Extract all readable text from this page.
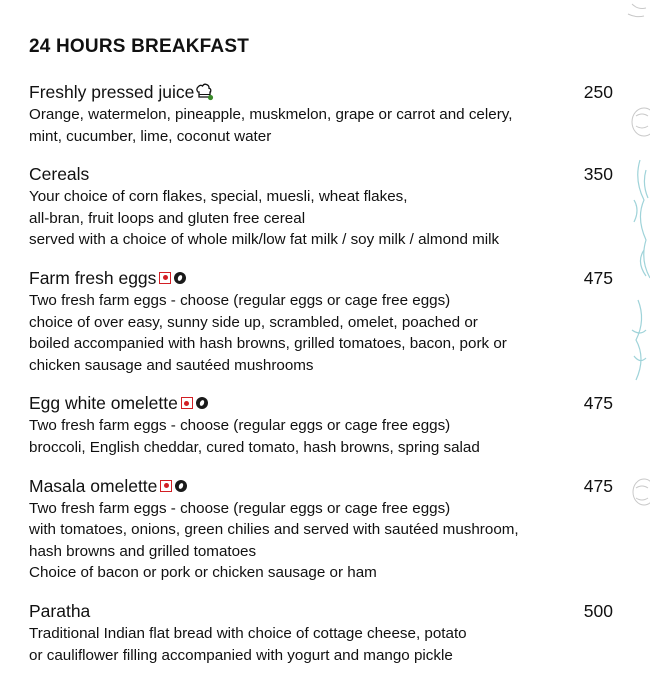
24 HOURS BREAKFAST
Freshly pressed juice	250
Orange, watermelon, pineapple, muskmelon, grape or carrot and celery,
mint, cucumber, lime, coconut water
Cereals	350
Your choice of corn flakes, special, muesli, wheat flakes,
all-bran, fruit loops and gluten free cereal
served with a choice of whole milk/low fat milk / soy milk / almond milk
Farm fresh eggs	475
Two fresh farm eggs - choose (regular eggs or cage free eggs)
choice of over easy, sunny side up, scrambled, omelet, poached or
boiled accompanied with hash browns, grilled tomatoes, bacon, pork or
chicken sausage and sautéed mushrooms
Egg white omelette	475
Two fresh farm eggs - choose (regular eggs or cage free eggs)
broccoli, English cheddar, cured tomato, hash browns, spring salad
Masala omelette	475
Two fresh farm eggs - choose (regular eggs or cage free eggs)
with tomatoes, onions, green chilies and served with sautéed mushroom,
hash browns and grilled tomatoes
Choice of bacon or pork or chicken sausage or ham
Paratha	500
Traditional Indian flat bread with choice of cottage cheese, potato
or cauliflower filling accompanied with yogurt and mango pickle
